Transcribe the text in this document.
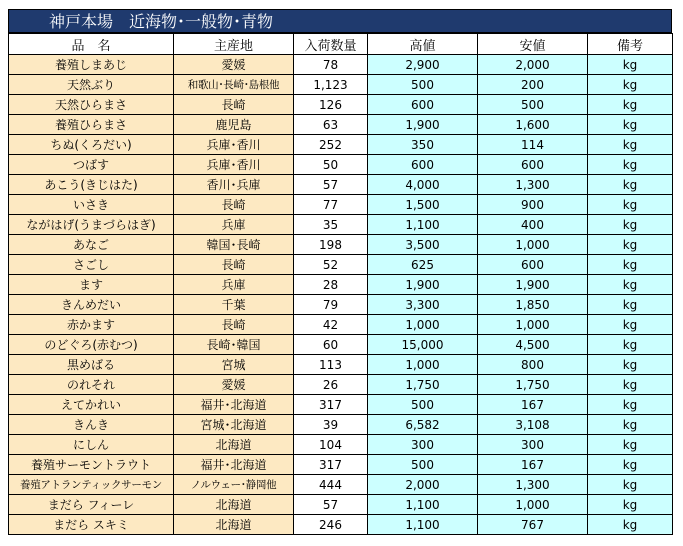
神戸本場　近海物･一般物･青物
品　名	主産地	入荷数量	高値	安値	備考
養殖しまあじ	愛媛	78	2,900	2,000	kg
天然ぶり	和歌山･長崎･島根他	1,123	500	200	kg
天然ひらまさ	長崎	126	600	500	kg
養殖ひらまさ	鹿児島	63	1,900	1,600	kg
ちぬ(くろだい)	兵庫･香川	252	350	114	kg
つばす	兵庫･香川	50	600	600	kg
あこう(きじはた)	香川･兵庫	57	4,000	1,300	kg
いさき	長崎	77	1,500	900	kg
ながはげ(うまづらはぎ)	兵庫	35	1,100	400	kg
あなご	韓国･長崎	198	3,500	1,000	kg
さごし	長崎	52	625	600	kg
ます	兵庫	28	1,900	1,900	kg
きんめだい	千葉	79	3,300	1,850	kg
赤かます	長崎	42	1,000	1,000	kg
のどぐろ(赤むつ)	長崎･韓国	60	15,000	4,500	kg
黒めばる	宮城	113	1,000	800	kg
のれそれ	愛媛	26	1,750	1,750	kg
えてかれい	福井･北海道	317	500	167	kg
きんき	宮城･北海道	39	6,582	3,108	kg
にしん	北海道	104	300	300	kg
養殖サーモントラウト	福井･北海道	317	500	167	kg
養殖アトランティックサーモン	ノルウェー･静岡他	444	2,000	1,300	kg
まだら フィーレ	北海道	57	1,100	1,000	kg
まだら スキミ	北海道	246	1,100	767	kg
